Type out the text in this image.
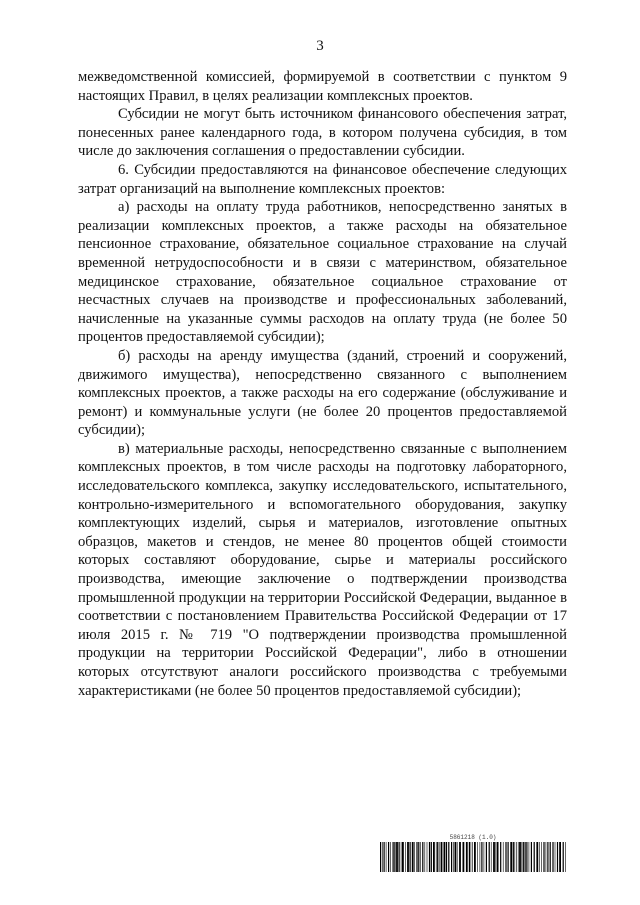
3

межведомственной комиссией, формируемой в соответствии с пунктом 9 настоящих Правил, в целях реализации комплексных проектов.

Субсидии не могут быть источником финансового обеспечения затрат, понесенных ранее календарного года, в котором получена субсидия, в том числе до заключения соглашения о предоставлении субсидии.

6. Субсидии предоставляются на финансовое обеспечение следующих затрат организаций на выполнение комплексных проектов:

а) расходы на оплату труда работников, непосредственно занятых в реализации комплексных проектов, а также расходы на обязательное пенсионное страхование, обязательное социальное страхование на случай временной нетрудоспособности и в связи с материнством, обязательное медицинское страхование, обязательное социальное страхование от несчастных случаев на производстве и профессиональных заболеваний, начисленные на указанные суммы расходов на оплату труда (не более 50 процентов предоставляемой субсидии);

б) расходы на аренду имущества (зданий, строений и сооружений, движимого имущества), непосредственно связанного с выполнением комплексных проектов, а также расходы на его содержание (обслуживание и ремонт) и коммунальные услуги (не более 20 процентов предоставляемой субсидии);

в) материальные расходы, непосредственно связанные с выполнением комплексных проектов, в том числе расходы на подготовку лабораторного, исследовательского комплекса, закупку исследовательского, испытательного, контрольно-измерительного и вспомогательного оборудования, закупку комплектующих изделий, сырья и материалов, изготовление опытных образцов, макетов и стендов, не менее 80 процентов общей стоимости которых составляют оборудование, сырье и материалы российского производства, имеющие заключение о подтверждении производства промышленной продукции на территории Российской Федерации, выданное в соответствии с постановлением Правительства Российской Федерации от 17 июля 2015 г. № 719 "О подтверждении производства промышленной продукции на территории Российской Федерации", либо в отношении которых отсутствуют аналоги российского производства с требуемыми характеристиками (не более 50 процентов предоставляемой субсидии);

5861218 (1.0)
